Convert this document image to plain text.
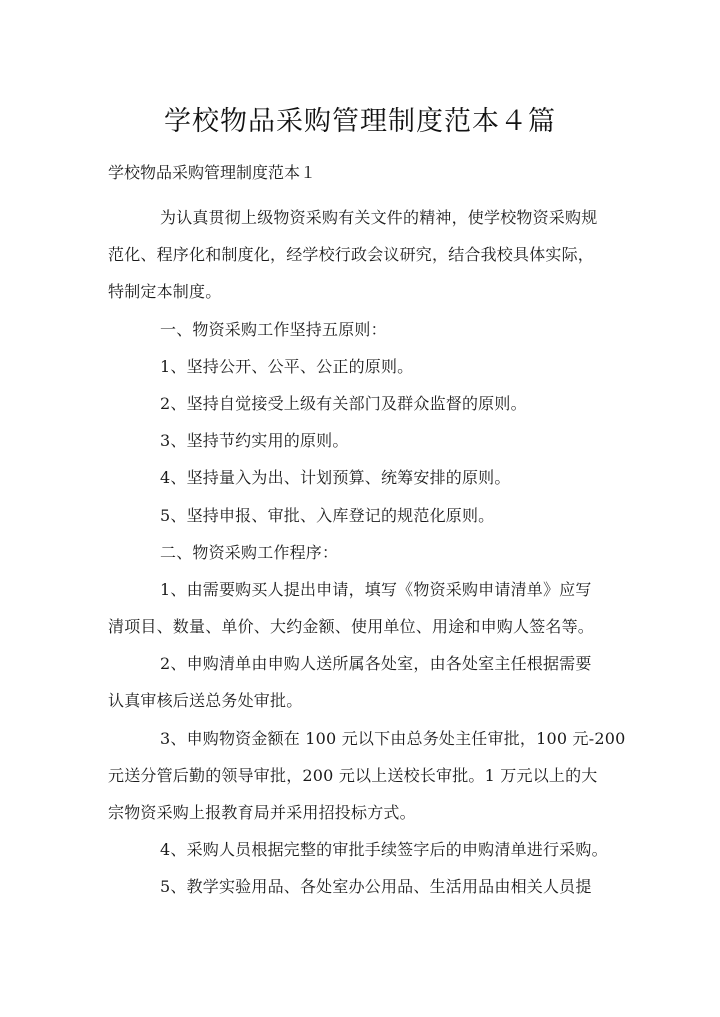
学校物品采购管理制度范本４篇
学校物品采购管理制度范本１
为认真贯彻上级物资采购有关文件的精神，使学校物资采购规
范化、程序化和制度化，经学校行政会议研究，结合我校具体实际，
特制定本制度。
一、物资采购工作坚持五原则：
1、坚持公开、公平、公正的原则。
2、坚持自觉接受上级有关部门及群众监督的原则。
3、坚持节约实用的原则。
4、坚持量入为出、计划预算、统筹安排的原则。
5、坚持申报、审批、入库登记的规范化原则。
二、物资采购工作程序：
1、由需要购买人提出申请，填写《物资采购申请清单》应写
清项目、数量、单价、大约金额、使用单位、用途和申购人签名等。
2、申购清单由申购人送所属各处室，由各处室主任根据需要
认真审核后送总务处审批。
3、申购物资金额在 100 元以下由总务处主任审批，100 元-200
元送分管后勤的领导审批，200 元以上送校长审批。1 万元以上的大
宗物资采购上报教育局并采用招投标方式。
4、采购人员根据完整的审批手续签字后的申购清单进行采购。
5、教学实验用品、各处室办公用品、生活用品由相关人员提
